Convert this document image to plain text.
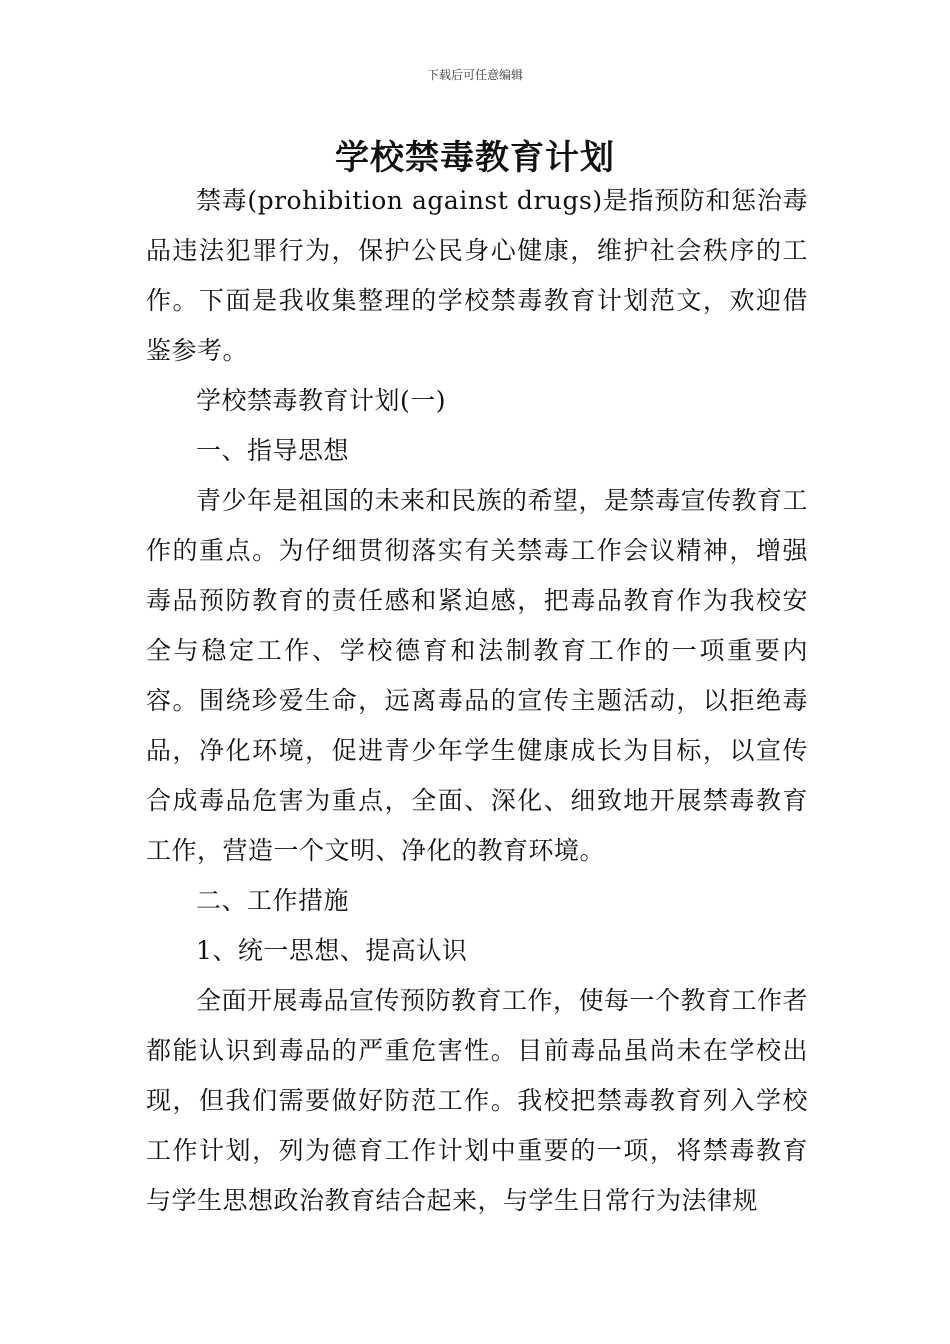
下载后可任意编辑
学校禁毒教育计划

禁毒(prohibition against drugs)是指预防和惩治毒品违法犯罪行为，保护公民身心健康，维护社会秩序的工作。下面是我收集整理的学校禁毒教育计划范文，欢迎借鉴参考。

学校禁毒教育计划(一)

一、指导思想

青少年是祖国的未来和民族的希望，是禁毒宣传教育工作的重点。为仔细贯彻落实有关禁毒工作会议精神，增强毒品预防教育的责任感和紧迫感，把毒品教育作为我校安全与稳定工作、学校德育和法制教育工作的一项重要内容。围绕珍爱生命，远离毒品的宣传主题活动，以拒绝毒品，净化环境，促进青少年学生健康成长为目标，以宣传合成毒品危害为重点，全面、深化、细致地开展禁毒教育工作，营造一个文明、净化的教育环境。

二、工作措施

1、统一思想、提高认识

全面开展毒品宣传预防教育工作，使每一个教育工作者都能认识到毒品的严重危害性。目前毒品虽尚未在学校出现，但我们需要做好防范工作。我校把禁毒教育列入学校工作计划，列为德育工作计划中重要的一项，将禁毒教育与学生思想政治教育结合起来，与学生日常行为法律规
